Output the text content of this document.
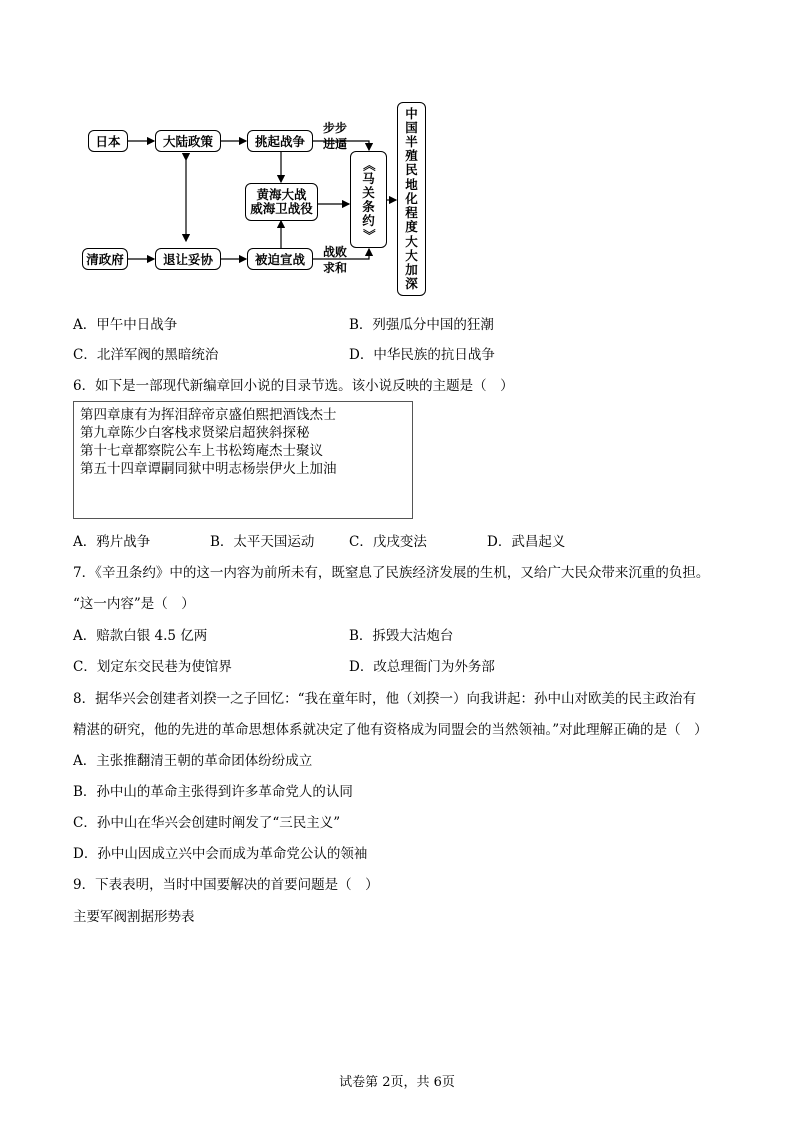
日本	大陆政策	挑起战争
步步
进逼
黄海大战
威海卫战役
《
马
关
条
约
》
中
国
半
殖
民
地
化
程
度
大
大
加
深
清政府	退让妥协	被迫宣战	战败
求和
A．甲午中日战争	B．列强瓜分中国的狂潮
C．北洋军阀的黑暗统治	D．中华民族的抗日战争
6．如下是一部现代新编章回小说的目录节选。该小说反映的主题是（　）
第四章康有为挥泪辞帝京盛伯熙把酒饯杰士
第九章陈少白客栈求贤梁启超狭斜探秘
第十七章都察院公车上书松筠庵杰士聚议
第五十四章谭嗣同狱中明志杨崇伊火上加油
A．鸦片战争	B．太平天国运动	C．戊戌变法	D．武昌起义
7．《辛丑条约》中的这一内容为前所未有，既窒息了民族经济发展的生机，又给广大民众带来沉重的负担。
“这一内容”是（　）
A．赔款白银 4.5 亿两	B．拆毁大沽炮台
C．划定东交民巷为使馆界	D．改总理衙门为外务部
8．据华兴会创建者刘揆一之子回忆：“我在童年时，他（刘揆一）向我讲起：孙中山对欧美的民主政治有
精湛的研究，他的先进的革命思想体系就决定了他有资格成为同盟会的当然领袖。”对此理解正确的是（　）
A．主张推翻清王朝的革命团体纷纷成立
B．孙中山的革命主张得到许多革命党人的认同
C．孙中山在华兴会创建时阐发了“三民主义”
D．孙中山因成立兴中会而成为革命党公认的领袖
9．下表表明，当时中国要解决的首要问题是（　）
主要军阀割据形势表
试卷第 2页，共 6页
